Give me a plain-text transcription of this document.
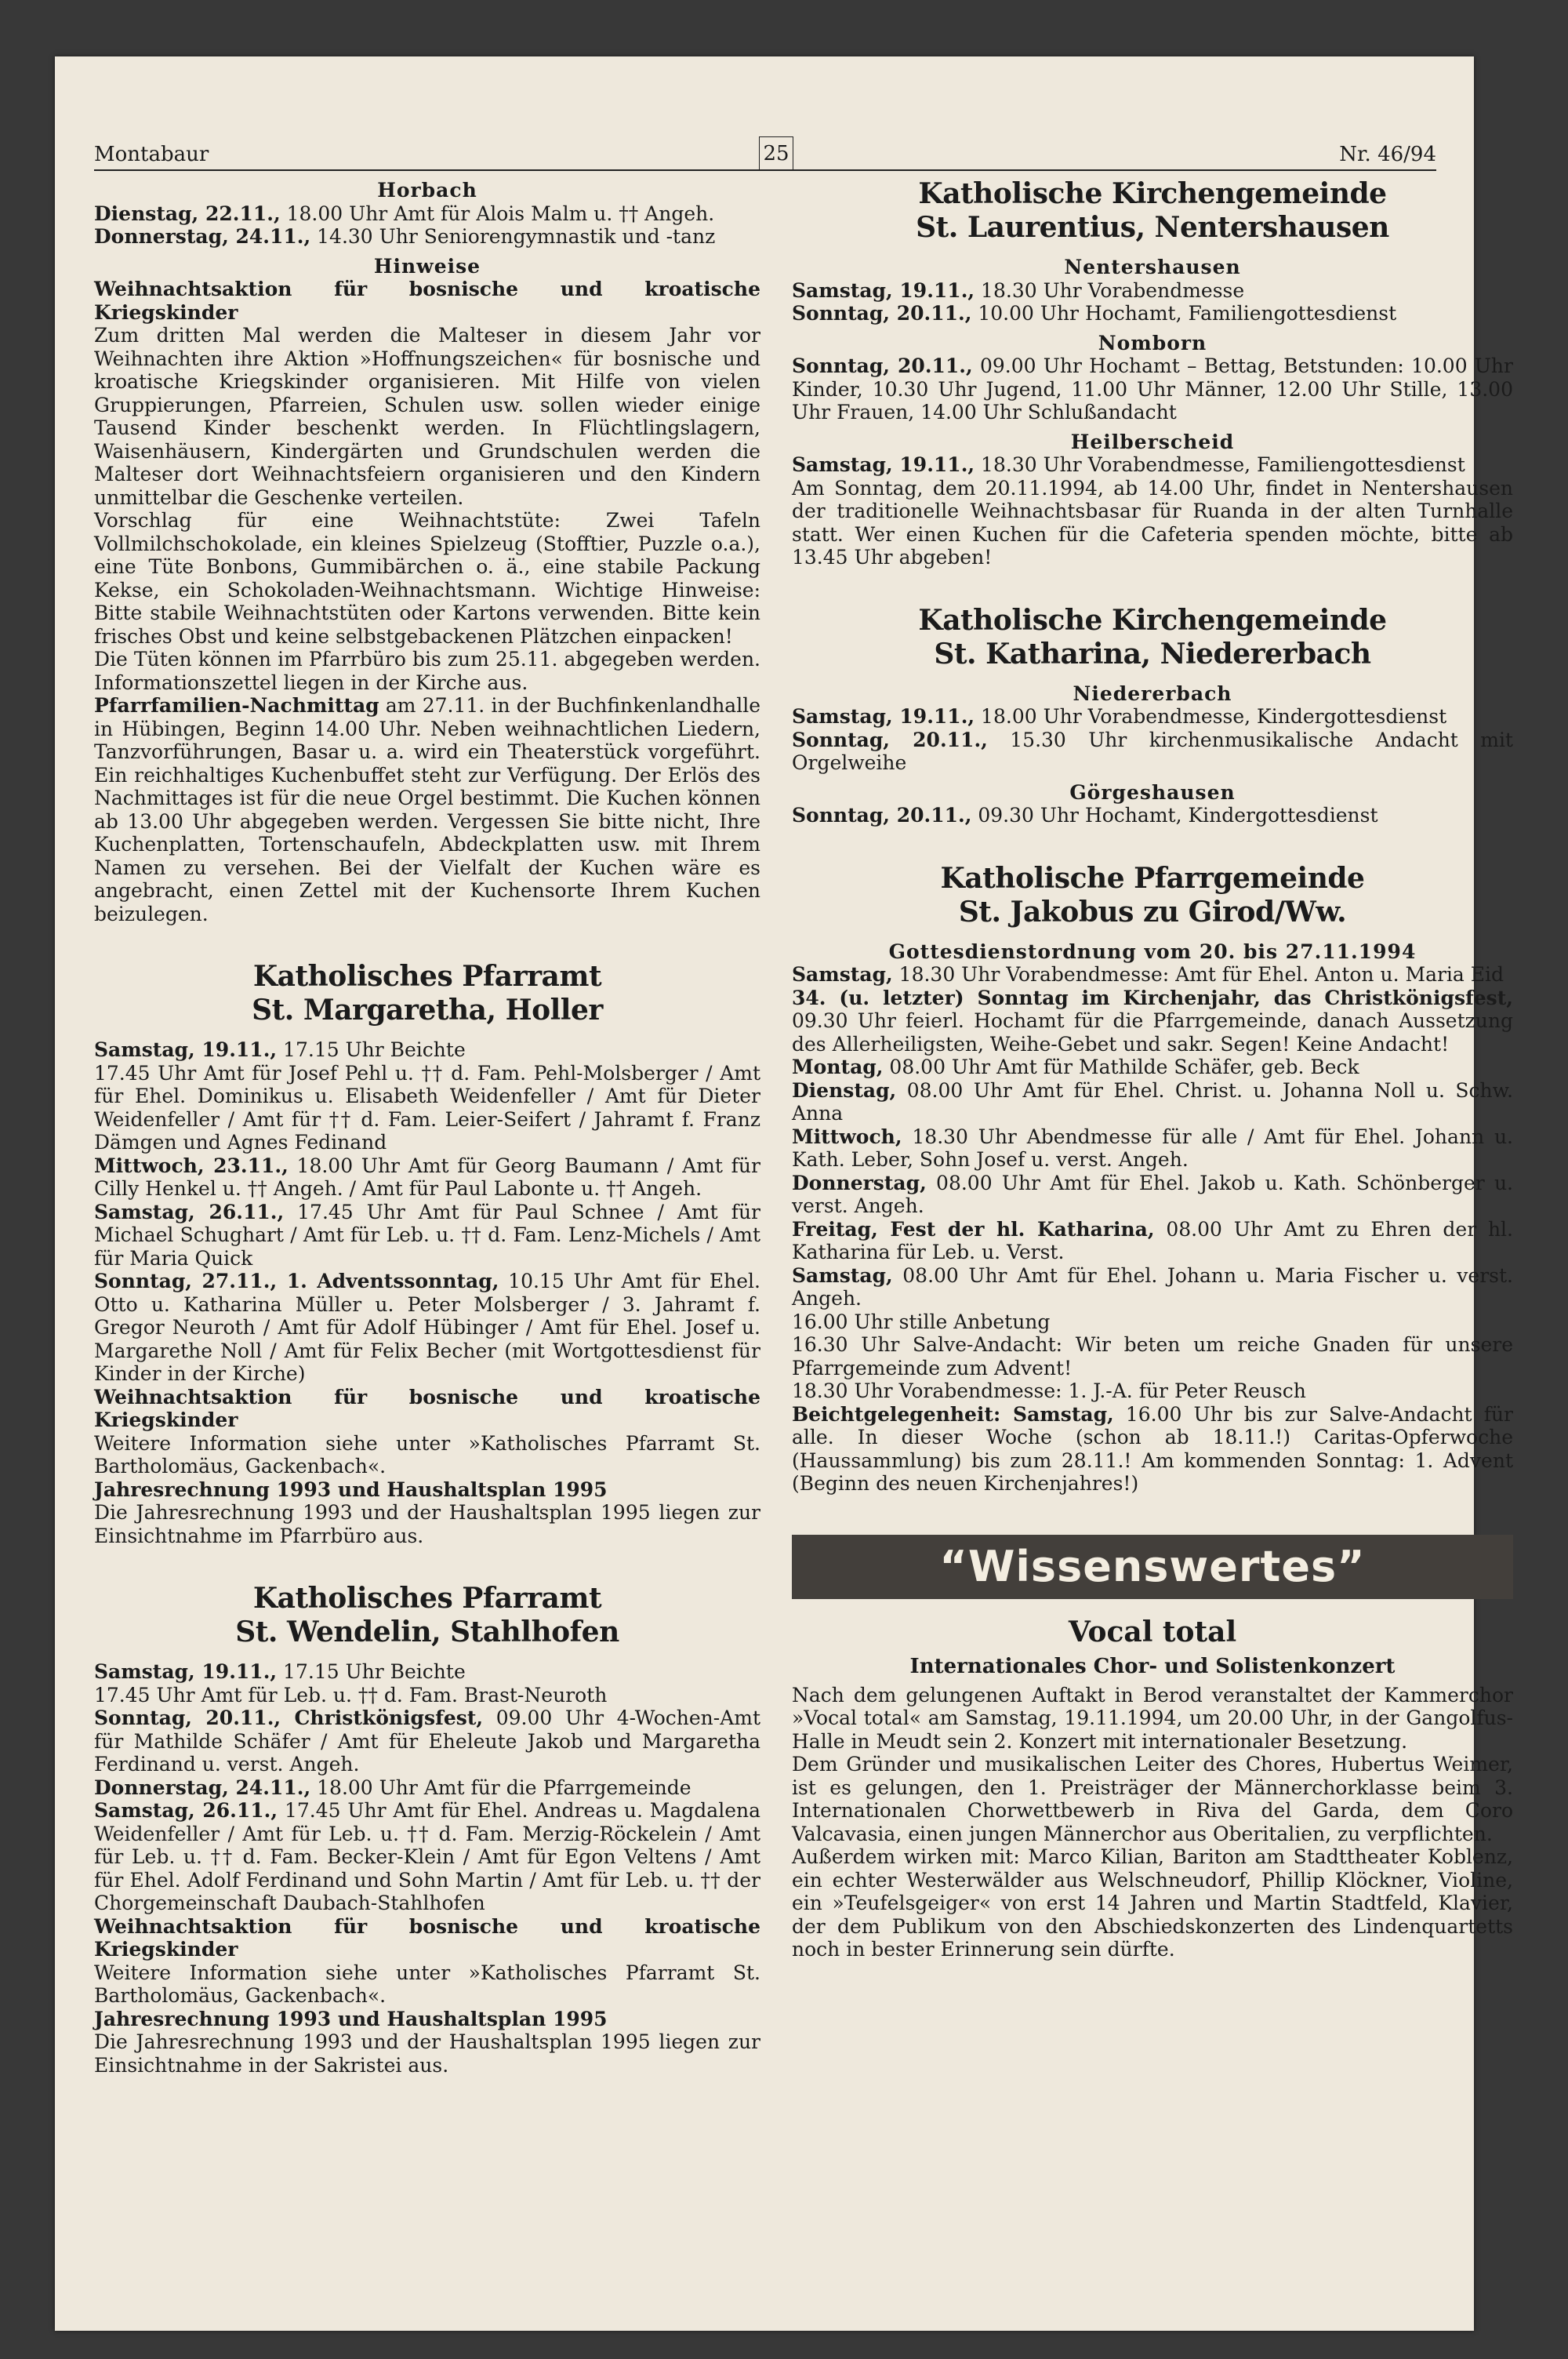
Montabaur	25	Nr. 46/94

Horbach

Dienstag, 22.11., 18.00 Uhr Amt für Alois Malm u. †† Angeh.

Donnerstag, 24.11., 14.30 Uhr Seniorengymnastik und -tanz

Hinweise

Weihnachtsaktion für bosnische und kroatische Kriegskinder

Zum dritten Mal werden die Malteser in diesem Jahr vor Weihnachten ihre Aktion »Hoffnungszeichen« für bosnische und kroatische Kriegskinder organisieren. Mit Hilfe von vielen Gruppierungen, Pfarreien, Schulen usw. sollen wieder einige Tausend Kinder beschenkt werden. In Flüchtlingslagern, Waisenhäusern, Kindergärten und Grundschulen werden die Malteser dort Weihnachtsfeiern organisieren und den Kindern unmittelbar die Geschenke verteilen.

Vorschlag für eine Weihnachtstüte: Zwei Tafeln Vollmilchschokolade, ein kleines Spielzeug (Stofftier, Puzzle o.a.), eine Tüte Bonbons, Gummibärchen o. ä., eine stabile Packung Kekse, ein Schokoladen-Weihnachtsmann. Wichtige Hinweise: Bitte stabile Weihnachtstüten oder Kartons verwenden. Bitte kein frisches Obst und keine selbstgebackenen Plätzchen einpacken!

Die Tüten können im Pfarrbüro bis zum 25.11. abgegeben werden. Informationszettel liegen in der Kirche aus.

Pfarrfamilien-Nachmittag am 27.11. in der Buchfinkenlandhalle in Hübingen, Beginn 14.00 Uhr. Neben weihnachtlichen Liedern, Tanzvorführungen, Basar u. a. wird ein Theaterstück vorgeführt. Ein reichhaltiges Kuchenbuffet steht zur Verfügung. Der Erlös des Nachmittages ist für die neue Orgel bestimmt. Die Kuchen können ab 13.00 Uhr abgegeben werden. Vergessen Sie bitte nicht, Ihre Kuchenplatten, Tortenschaufeln, Abdeckplatten usw. mit Ihrem Namen zu versehen. Bei der Vielfalt der Kuchen wäre es angebracht, einen Zettel mit der Kuchensorte Ihrem Kuchen beizulegen.

Katholisches Pfarramt
St. Margaretha, Holler

Samstag, 19.11., 17.15 Uhr Beichte

17.45 Uhr Amt für Josef Pehl u. †† d. Fam. Pehl-Molsberger / Amt für Ehel. Dominikus u. Elisabeth Weidenfeller / Amt für Dieter Weidenfeller / Amt für †† d. Fam. Leier-Seifert / Jahramt f. Franz Dämgen und Agnes Fedinand

Mittwoch, 23.11., 18.00 Uhr Amt für Georg Baumann / Amt für Cilly Henkel u. †† Angeh. / Amt für Paul Labonte u. †† Angeh.

Samstag, 26.11., 17.45 Uhr Amt für Paul Schnee / Amt für Michael Schughart / Amt für Leb. u. †† d. Fam. Lenz-Michels / Amt für Maria Quick

Sonntag, 27.11., 1. Adventssonntag, 10.15 Uhr Amt für Ehel. Otto u. Katharina Müller u. Peter Molsberger / 3. Jahramt f. Gregor Neuroth / Amt für Adolf Hübinger / Amt für Ehel. Josef u. Margarethe Noll / Amt für Felix Becher (mit Wortgottesdienst für Kinder in der Kirche)

Weihnachtsaktion für bosnische und kroatische Kriegskinder

Weitere Information siehe unter »Katholisches Pfarramt St. Bartholomäus, Gackenbach«.

Jahresrechnung 1993 und Haushaltsplan 1995

Die Jahresrechnung 1993 und der Haushaltsplan 1995 liegen zur Einsichtnahme im Pfarrbüro aus.

Katholisches Pfarramt
St. Wendelin, Stahlhofen

Samstag, 19.11., 17.15 Uhr Beichte

17.45 Uhr Amt für Leb. u. †† d. Fam. Brast-Neuroth

Sonntag, 20.11., Christkönigsfest, 09.00 Uhr 4-Wochen-Amt für Mathilde Schäfer / Amt für Eheleute Jakob und Margaretha Ferdinand u. verst. Angeh.

Donnerstag, 24.11., 18.00 Uhr Amt für die Pfarrgemeinde

Samstag, 26.11., 17.45 Uhr Amt für Ehel. Andreas u. Magdalena Weidenfeller / Amt für Leb. u. †† d. Fam. Merzig-Röckelein / Amt für Leb. u. †† d. Fam. Becker-Klein / Amt für Egon Veltens / Amt für Ehel. Adolf Ferdinand und Sohn Martin / Amt für Leb. u. †† der Chorgemeinschaft Daubach-Stahlhofen

Weihnachtsaktion für bosnische und kroatische Kriegskinder

Weitere Information siehe unter »Katholisches Pfarramt St. Bartholomäus, Gackenbach«.

Jahresrechnung 1993 und Haushaltsplan 1995

Die Jahresrechnung 1993 und der Haushaltsplan 1995 liegen zur Einsichtnahme in der Sakristei aus.

Katholische Kirchengemeinde
St. Laurentius, Nentershausen

Nentershausen

Samstag, 19.11., 18.30 Uhr Vorabendmesse

Sonntag, 20.11., 10.00 Uhr Hochamt, Familiengottesdienst

Nomborn

Sonntag, 20.11., 09.00 Uhr Hochamt – Bettag, Betstunden: 10.00 Uhr Kinder, 10.30 Uhr Jugend, 11.00 Uhr Männer, 12.00 Uhr Stille, 13.00 Uhr Frauen, 14.00 Uhr Schlußandacht

Heilberscheid

Samstag, 19.11., 18.30 Uhr Vorabendmesse, Familiengottesdienst

Am Sonntag, dem 20.11.1994, ab 14.00 Uhr, findet in Nentershausen der traditionelle Weihnachtsbasar für Ruanda in der alten Turnhalle statt. Wer einen Kuchen für die Cafeteria spenden möchte, bitte ab 13.45 Uhr abgeben!

Katholische Kirchengemeinde
St. Katharina, Niedererbach

Niedererbach

Samstag, 19.11., 18.00 Uhr Vorabendmesse, Kindergottesdienst

Sonntag, 20.11., 15.30 Uhr kirchenmusikalische Andacht mit Orgelweihe

Görgeshausen

Sonntag, 20.11., 09.30 Uhr Hochamt, Kindergottesdienst

Katholische Pfarrgemeinde
St. Jakobus zu Girod/Ww.

Gottesdienstordnung vom 20. bis 27.11.1994

Samstag, 18.30 Uhr Vorabendmesse: Amt für Ehel. Anton u. Maria Eid

34. (u. letzter) Sonntag im Kirchenjahr, das Christkönigsfest, 09.30 Uhr feierl. Hochamt für die Pfarrgemeinde, danach Aussetzung des Allerheiligsten, Weihe-Gebet und sakr. Segen! Keine Andacht!

Montag, 08.00 Uhr Amt für Mathilde Schäfer, geb. Beck

Dienstag, 08.00 Uhr Amt für Ehel. Christ. u. Johanna Noll u. Schw. Anna

Mittwoch, 18.30 Uhr Abendmesse für alle / Amt für Ehel. Johann u. Kath. Leber, Sohn Josef u. verst. Angeh.

Donnerstag, 08.00 Uhr Amt für Ehel. Jakob u. Kath. Schönberger u. verst. Angeh.

Freitag, Fest der hl. Katharina, 08.00 Uhr Amt zu Ehren der hl. Katharina für Leb. u. Verst.

Samstag, 08.00 Uhr Amt für Ehel. Johann u. Maria Fischer u. verst. Angeh.

16.00 Uhr stille Anbetung

16.30 Uhr Salve-Andacht: Wir beten um reiche Gnaden für unsere Pfarrgemeinde zum Advent!

18.30 Uhr Vorabendmesse: 1. J.-A. für Peter Reusch

Beichtgelegenheit: Samstag, 16.00 Uhr bis zur Salve-Andacht für alle. In dieser Woche (schon ab 18.11.!) Caritas-Opferwoche (Haussammlung) bis zum 28.11.! Am kommenden Sonntag: 1. Advent (Beginn des neuen Kirchenjahres!)

“Wissenswertes”
Vocal total
Internationales Chor- und Solistenkonzert

Nach dem gelungenen Auftakt in Berod veranstaltet der Kammerchor »Vocal total« am Samstag, 19.11.1994, um 20.00 Uhr, in der Gangolfus-Halle in Meudt sein 2. Konzert mit internationaler Besetzung.

Dem Gründer und musikalischen Leiter des Chores, Hubertus Weimer, ist es gelungen, den 1. Preisträger der Männerchorklasse beim 3. Internationalen Chorwettbewerb in Riva del Garda, dem Coro Valcavasia, einen jungen Männerchor aus Oberitalien, zu verpflichten.

Außerdem wirken mit: Marco Kilian, Bariton am Stadttheater Koblenz, ein echter Westerwälder aus Welschneudorf, Phillip Klöckner, Violine, ein »Teufelsgeiger« von erst 14 Jahren und Martin Stadtfeld, Klavier, der dem Publikum von den Abschiedskonzerten des Lindenquartetts noch in bester Erinnerung sein dürfte.
